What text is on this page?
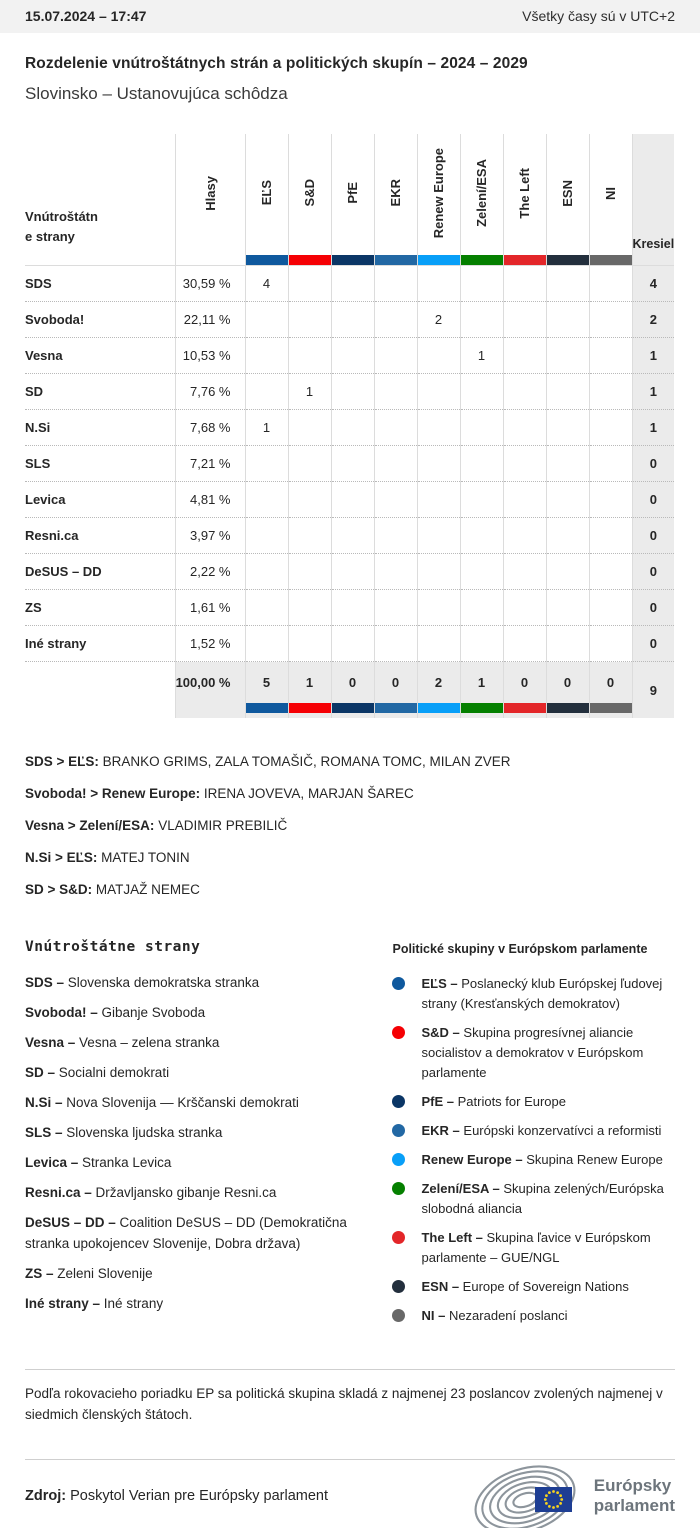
15.07.2024 – 17:47	Všetky časy sú v UTC+2
Rozdelenie vnútroštátnych strán a politických skupín – 2024 – 2029
Slovinsko – Ustanovujúca schôdza
Vnútroštátne strany	Hlasy	EĽS	S&D	PfE	EKR	Renew Europe	Zelení/ESA	The Left	ESN	NI	Kresiel

SDS	30,59 %	4									4
Svoboda!	22,11 %					2					2
Vesna	10,53 %						1				1
SD	7,76 %		1								1
N.Si	7,68 %	1									1
SLS	7,21 %										0
Levica	4,81 %										0
Resni.ca	3,97 %										0
DeSUS – DD	2,22 %										0
ZS	1,61 %										0
Iné strany	1,52 %										0
	100,00 %	5	1	0	0	2	1	0	0	0	9

SDS > EĽS: BRANKO GRIMS, ZALA TOMAŠIČ, ROMANA TOMC, MILAN ZVER

Svoboda! > Renew Europe: IRENA JOVEVA, MARJAN ŠAREC

Vesna > Zelení/ESA: VLADIMIR PREBILIČ

N.Si > EĽS: MATEJ TONIN

SD > S&D: MATJAŽ NEMEC

Vnútroštátne strany

SDS – Slovenska demokratska stranka

Svoboda! – Gibanje Svoboda

Vesna – Vesna – zelena stranka

SD – Socialni demokrati

N.Si – Nova Slovenija — Krščanski demokrati

SLS – Slovenska ljudska stranka

Levica – Stranka Levica

Resni.ca – Državljansko gibanje Resni.ca

DeSUS – DD – Coalition DeSUS – DD (Demokratična stranka upokojencev Slovenije, Dobra država)

ZS – Zeleni Slovenije

Iné strany – Iné strany

Politické skupiny v Európskom parlamente
EĽS – Poslanecký klub Európskej ľudovej strany (Kresťanských demokratov)
S&D – Skupina progresívnej aliancie socialistov a demokratov v Európskom parlamente
PfE – Patriots for Europe
EKR – Európski konzervatívci a reformisti
Renew Europe – Skupina Renew Europe
Zelení/ESA – Skupina zelených/Európska slobodná aliancia
The Left – Skupina ľavice v Európskom parlamente – GUE/NGL
ESN – Europe of Sovereign Nations
NI – Nezaradení poslanci

Podľa rokovacieho poriadku EP sa politická skupina skladá z najmenej 23 poslancov zvolených najmenej v siedmich členských štátoch.

Zdroj: Poskytol Verian pre Európsky parlament

Európsky
parlament
